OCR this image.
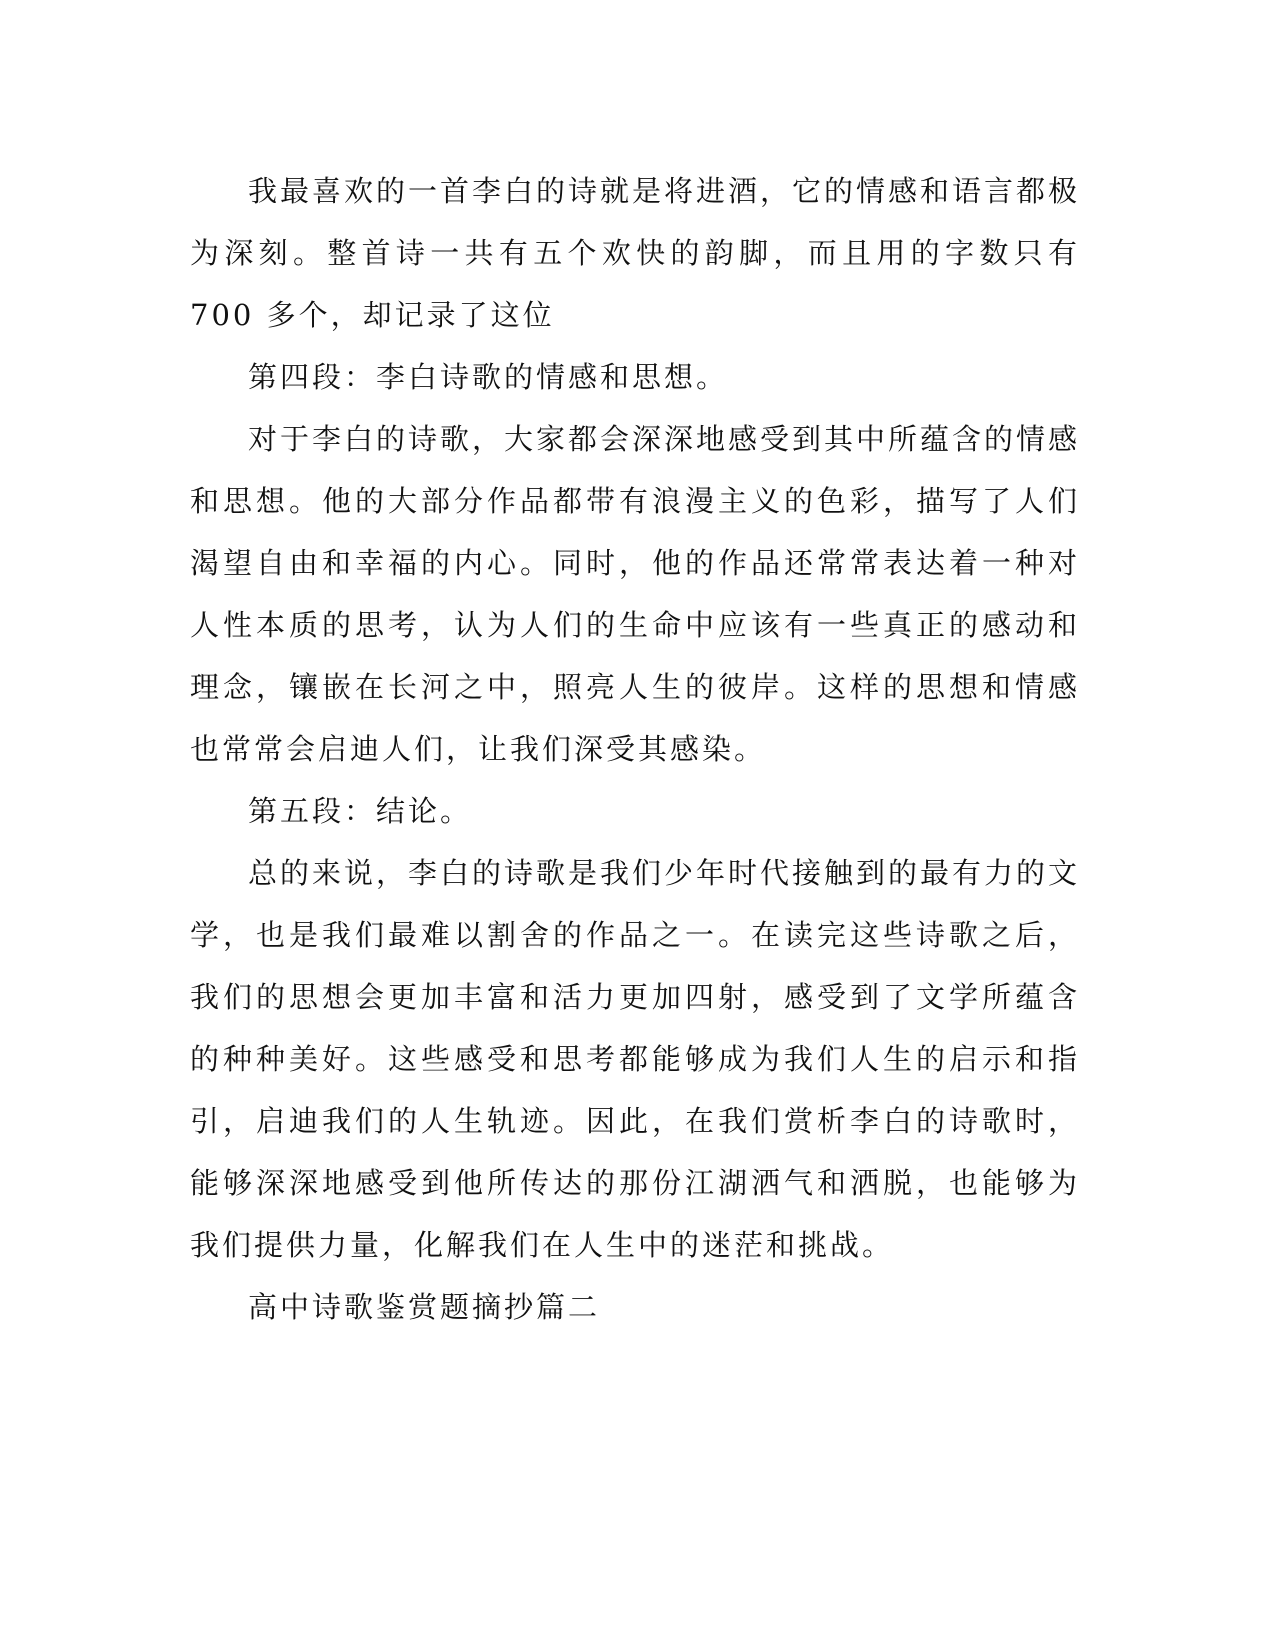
我最喜欢的一首李白的诗就是将进酒，它的情感和语言都极为深刻。整首诗一共有五个欢快的韵脚，而且用的字数只有 700 多个，却记录了这位

第四段：李白诗歌的情感和思想。

对于李白的诗歌，大家都会深深地感受到其中所蕴含的情感和思想。他的大部分作品都带有浪漫主义的色彩，描写了人们渴望自由和幸福的内心。同时，他的作品还常常表达着一种对人性本质的思考，认为人们的生命中应该有一些真正的感动和理念，镶嵌在长河之中，照亮人生的彼岸。这样的思想和情感也常常会启迪人们，让我们深受其感染。

第五段：结论。

总的来说，李白的诗歌是我们少年时代接触到的最有力的文学，也是我们最难以割舍的作品之一。在读完这些诗歌之后，我们的思想会更加丰富和活力更加四射，感受到了文学所蕴含的种种美好。这些感受和思考都能够成为我们人生的启示和指引，启迪我们的人生轨迹。因此，在我们赏析李白的诗歌时，能够深深地感受到他所传达的那份江湖洒气和洒脱，也能够为我们提供力量，化解我们在人生中的迷茫和挑战。

高中诗歌鉴赏题摘抄篇二
